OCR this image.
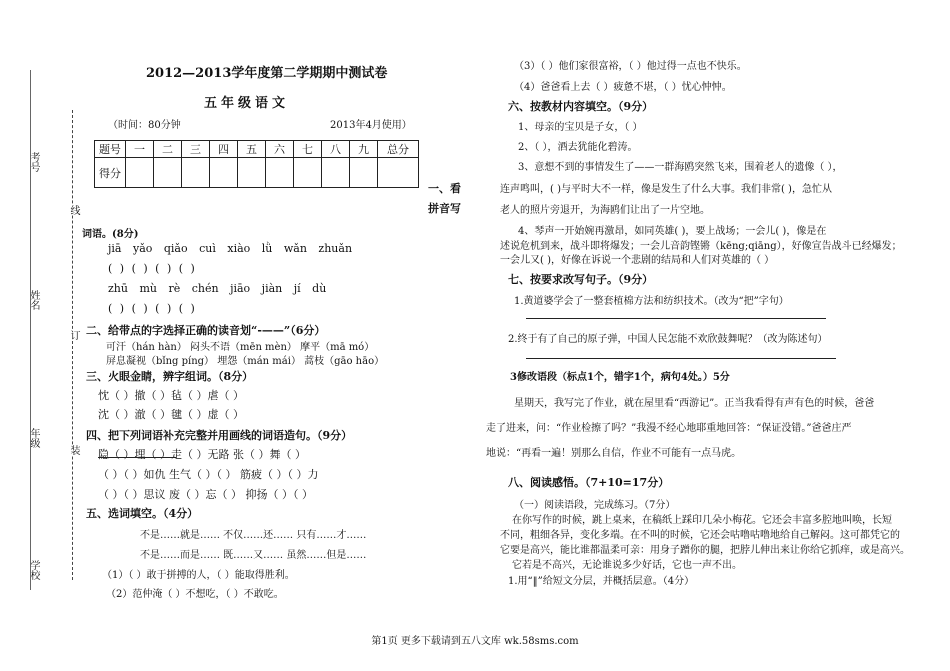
考号
姓名
年级
学校
线
订
装
2012—2013学年度第二学期期中测试卷
五年级语文
（时间：80分钟	2013年4月使用）
题号	一	二	三	四	五	六	七	八	九	总分
得分										
一、看
拼音写
词语。(8分)
jiā yǎo qiǎo cuì xiào lǜ wǎn zhuǎn
( ) ( ) ( ) ( )
zhū mù rè chén jiāo jiàn jí dù
( ) ( ) ( ) ( )
二、给带点的字选择正确的读音划“-——”（6分）
可汗（hán hàn） 闷头不语（mēn mèn） 摩平（mā mó）
屏息凝视（bǐng píng） 埋怨（mán mái） 蒿枝（gāo hāo）
三、火眼金睛，辨字组词。（8分）
忱（ ）撤（ ）毡（ ）虐（ ）
沈（ ）澈（ ）毽（ ）虚（ ）
四、把下列词语补充完整并用画线的词语造句。（9分）
隐（ ）埋（ ）走（ ）无路 张（ ）舞（ ）
（ ）（ ）如仇 生气（ ）（ ） 筋疲（ ）（ ）力
（ ）（ ）思议 废（ ）忘（ ） 抑扬（ ）（ ）
五、选词填空。（4分）
不是……就是…… 不仅……还…… 只有……才……
不是……而是…… 既……又…… 虽然……但是……
（1）（ ）敢于拼搏的人，（ ）能取得胜利。
（2）范仲淹（ ）不想吃，（ ）不敢吃。
（3）（ ）他们家很富裕，（ ）他过得一点也不快乐。
（4）爸爸看上去（ ）疲惫不堪，（ ）忧心忡忡。
六、按教材内容填空。（9分）
1、母亲的宝贝是子女，（ ）
2、（ ），酒去犹能化碧涛。
3、意想不到的事情发生了——一群海鸥突然飞来，围着老人的遗像（ ），
连声鸣叫，( )与平时大不一样，像是发生了什么大事。我们非常( )，急忙从
老人的照片旁退开，为海鸥们让出了一片空地。
4、琴声一开始婉再激昂，如同英雄( )，要上战场；一会儿( )，像是在
述说危机到来，战斗即将爆发；一会儿音韵铿锵（kēng;qiāng），好像宣告战斗已经爆发；
一会儿又( )，好像在诉说一个悲剧的结局和人们对英雄的（ ）
七、按要求改写句子。（9分）
1.黄道婆学会了一整套植棉方法和纺织技术。（改为“把”字句）
2.终于有了自己的原子弹，中国人民怎能不欢欣鼓舞呢？（改为陈述句）
3修改语段（标点1个，错字1个，病句4处。）5分
星期天，我写完了作业，就在屋里看“西游记”。正当我看得有声有色的时候，爸爸
走了进来，问：“作业检擦了吗？”我漫不经心地耶重地回答：“保证没错。”爸爸庄严
地说：“再看一遍！别那么自信，作业不可能有一点马虎。
八、阅读感悟。（7+10=17分）
（一）阅读语段，完成练习。（7分）
在你写作的时候，跳上桌来，在稿纸上踩印几朵小梅花。它还会丰富多腔地叫唤，长短
不同，粗细各异，变化多端。在不叫的时候，它还会咕噜咕噜地给自己解闷。这可都凭它的
它要是高兴，能比谁都温柔可亲：用身子蹭你的腿，把脖儿伸出来让你给它抓痒，或是高兴。
它若是不高兴，无论谁说多少好话，它也一声不出。
1.用“‖”给短文分层，并概括层意。（4分）
第1页 更多下载请到五八文库 wk.58sms.com
